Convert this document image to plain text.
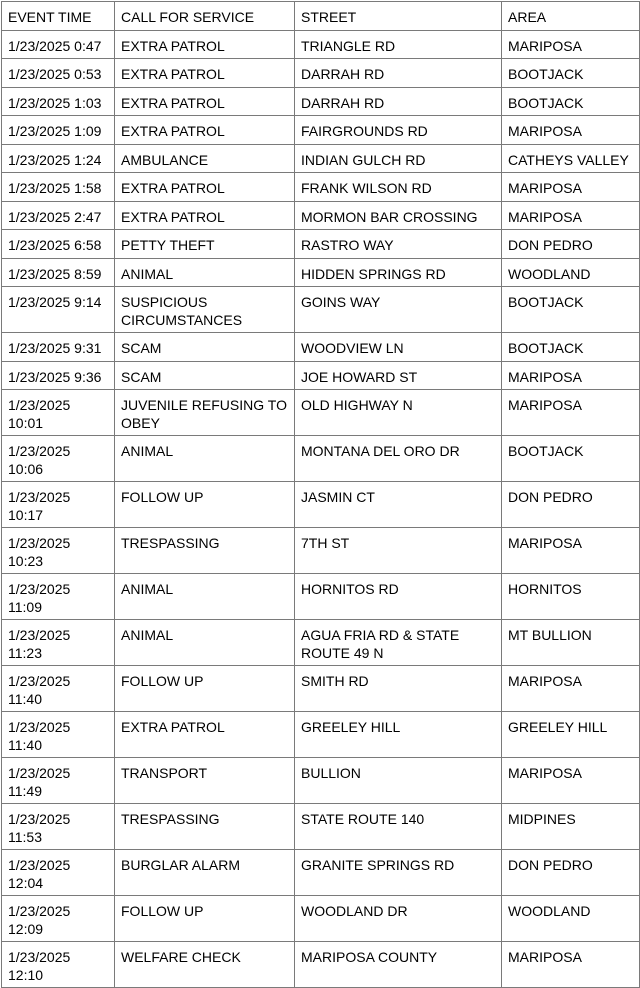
EVENT TIME	CALL FOR SERVICE	STREET	AREA
1/23/2025 0:47	EXTRA PATROL	TRIANGLE RD	MARIPOSA
1/23/2025 0:53	EXTRA PATROL	DARRAH RD	BOOTJACK
1/23/2025 1:03	EXTRA PATROL	DARRAH RD	BOOTJACK
1/23/2025 1:09	EXTRA PATROL	FAIRGROUNDS RD	MARIPOSA
1/23/2025 1:24	AMBULANCE	INDIAN GULCH RD	CATHEYS VALLEY
1/23/2025 1:58	EXTRA PATROL	FRANK WILSON RD	MARIPOSA
1/23/2025 2:47	EXTRA PATROL	MORMON BAR CROSSING	MARIPOSA
1/23/2025 6:58	PETTY THEFT	RASTRO WAY	DON PEDRO
1/23/2025 8:59	ANIMAL	HIDDEN SPRINGS RD	WOODLAND
1/23/2025 9:14	SUSPICIOUS CIRCUMSTANCES	GOINS WAY	BOOTJACK
1/23/2025 9:31	SCAM	WOODVIEW LN	BOOTJACK
1/23/2025 9:36	SCAM	JOE HOWARD ST	MARIPOSA
1/23/2025 10:01	JUVENILE REFUSING TO OBEY	OLD HIGHWAY N	MARIPOSA
1/23/2025 10:06	ANIMAL	MONTANA DEL ORO DR	BOOTJACK
1/23/2025 10:17	FOLLOW UP	JASMIN CT	DON PEDRO
1/23/2025 10:23	TRESPASSING	7TH ST	MARIPOSA
1/23/2025 11:09	ANIMAL	HORNITOS RD	HORNITOS
1/23/2025 11:23	ANIMAL	AGUA FRIA RD & STATE ROUTE 49 N	MT BULLION
1/23/2025 11:40	FOLLOW UP	SMITH RD	MARIPOSA
1/23/2025 11:40	EXTRA PATROL	GREELEY HILL	GREELEY HILL
1/23/2025 11:49	TRANSPORT	BULLION	MARIPOSA
1/23/2025 11:53	TRESPASSING	STATE ROUTE 140	MIDPINES
1/23/2025 12:04	BURGLAR ALARM	GRANITE SPRINGS RD	DON PEDRO
1/23/2025 12:09	FOLLOW UP	WOODLAND DR	WOODLAND
1/23/2025 12:10	WELFARE CHECK	MARIPOSA COUNTY	MARIPOSA
